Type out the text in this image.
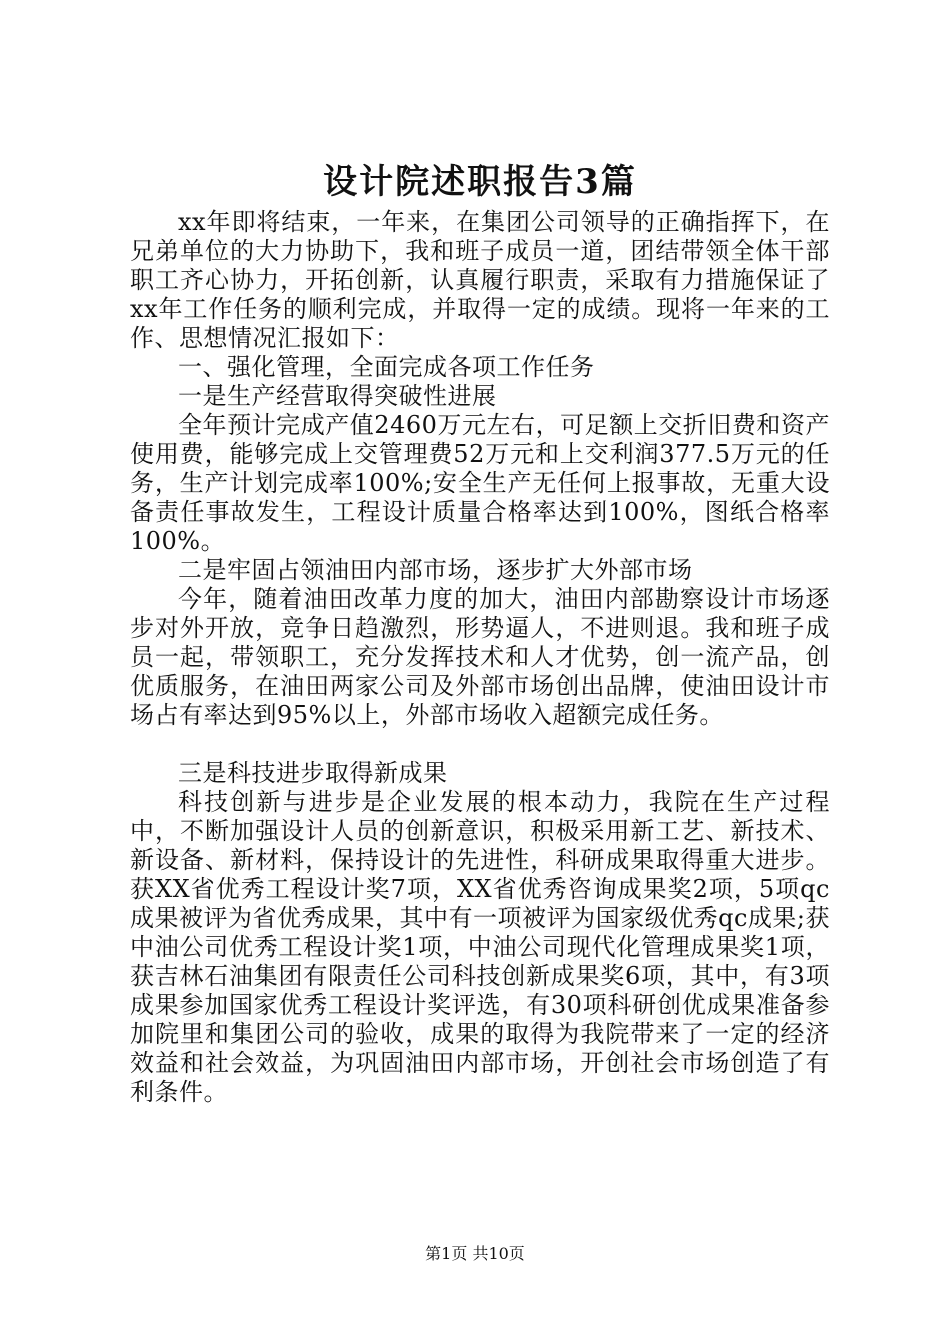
设计院述职报告3篇

xx年即将结束，一年来，在集团公司领导的正确指挥下，在兄弟单位的大力协助下，我和班子成员一道，团结带领全体干部职工齐心协力，开拓创新，认真履行职责，采取有力措施保证了xx年工作任务的顺利完成，并取得一定的成绩。现将一年来的工作、思想情况汇报如下：

一、强化管理，全面完成各项工作任务

一是生产经营取得突破性进展

全年预计完成产值2460万元左右，可足额上交折旧费和资产使用费，能够完成上交管理费52万元和上交利润377.5万元的任务，生产计划完成率100%;安全生产无任何上报事故，无重大设备责任事故发生，工程设计质量合格率达到100%，图纸合格率100%。

二是牢固占领油田内部市场，逐步扩大外部市场

今年，随着油田改革力度的加大，油田内部勘察设计市场逐步对外开放，竞争日趋激烈，形势逼人，不进则退。我和班子成员一起，带领职工，充分发挥技术和人才优势，创一流产品，创优质服务，在油田两家公司及外部市场创出品牌，使油田设计市场占有率达到95%以上，外部市场收入超额完成任务。

三是科技进步取得新成果

科技创新与进步是企业发展的根本动力，我院在生产过程中，不断加强设计人员的创新意识，积极采用新工艺、新技术、新设备、新材料，保持设计的先进性，科研成果取得重大进步。获XX省优秀工程设计奖7项，XX省优秀咨询成果奖2项，5项qc成果被评为省优秀成果，其中有一项被评为国家级优秀qc成果;获中油公司优秀工程设计奖1项，中油公司现代化管理成果奖1项，获吉林石油集团有限责任公司科技创新成果奖6项，其中，有3项成果参加国家优秀工程设计奖评选，有30项科研创优成果准备参加院里和集团公司的验收，成果的取得为我院带来了一定的经济效益和社会效益，为巩固油田内部市场，开创社会市场创造了有利条件。

第1页 共10页
